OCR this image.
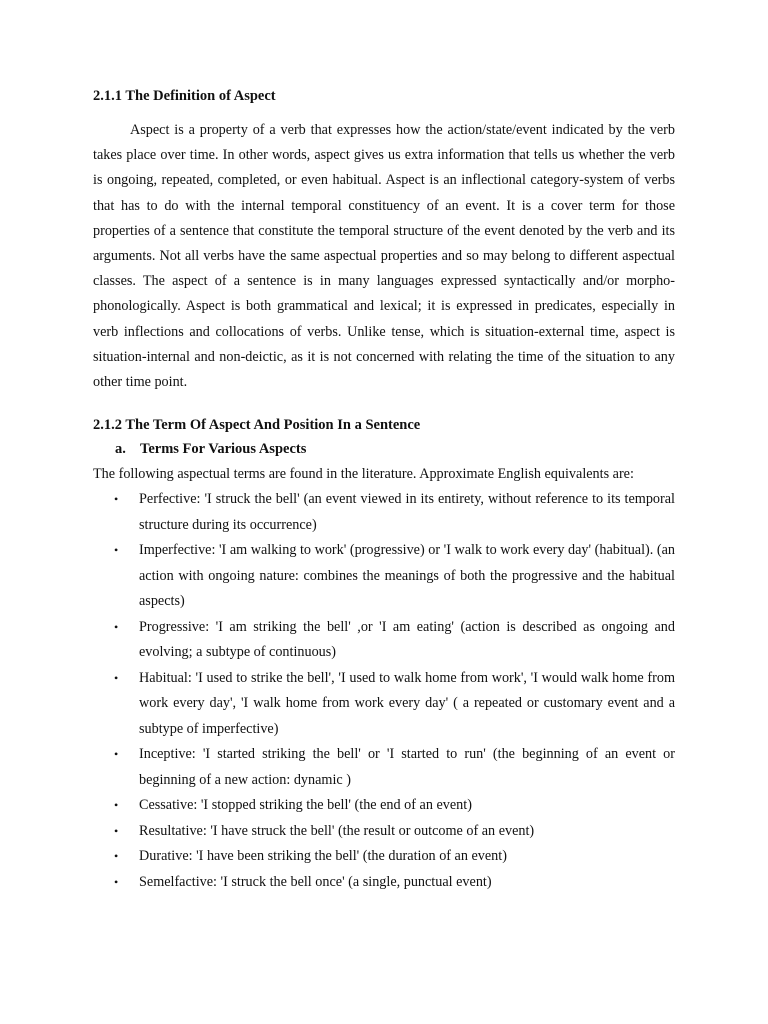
2.1.1 The Definition of Aspect

Aspect is a property of a verb that expresses how the action/state/event indicated by the verb takes place over time. In other words, aspect gives us extra information that tells us whether the verb is ongoing, repeated, completed, or even habitual. Aspect is an inflectional category-system of verbs that has to do with the internal temporal constituency of an event. It is a cover term for those properties of a sentence that constitute the temporal structure of the event denoted by the verb and its arguments. Not all verbs have the same aspectual properties and so may belong to different aspectual classes. The aspect of a sentence is in many languages expressed syntactically and/or morpho-phonologically. Aspect is both grammatical and lexical; it is expressed in predicates, especially in verb inflections and collocations of verbs. Unlike tense, which is situation-external time, aspect is situation-internal and non-deictic, as it is not concerned with relating the time of the situation to any other time point.

2.1.2 The Term Of Aspect And Position In a Sentence
a. Terms For Various Aspects

The following aspectual terms are found in the literature. Approximate English equivalents are:

• Perfective: 'I struck the bell' (an event viewed in its entirety, without reference to its temporal structure during its occurrence)
• Imperfective: 'I am walking to work' (progressive) or 'I walk to work every day' (habitual). (an action with ongoing nature: combines the meanings of both the progressive and the habitual aspects)
• Progressive: 'I am striking the bell' ,or 'I am eating' (action is described as ongoing and evolving; a subtype of continuous)
• Habitual: 'I used to strike the bell', 'I used to walk home from work', 'I would walk home from work every day', 'I walk home from work every day' ( a repeated or customary event and a subtype of imperfective)
• Inceptive: 'I started striking the bell' or 'I started to run' (the beginning of an event or beginning of a new action: dynamic )
• Cessative: 'I stopped striking the bell' (the end of an event)
• Resultative: 'I have struck the bell' (the result or outcome of an event)
• Durative: 'I have been striking the bell' (the duration of an event)
• Semelfactive: 'I struck the bell once' (a single, punctual event)
